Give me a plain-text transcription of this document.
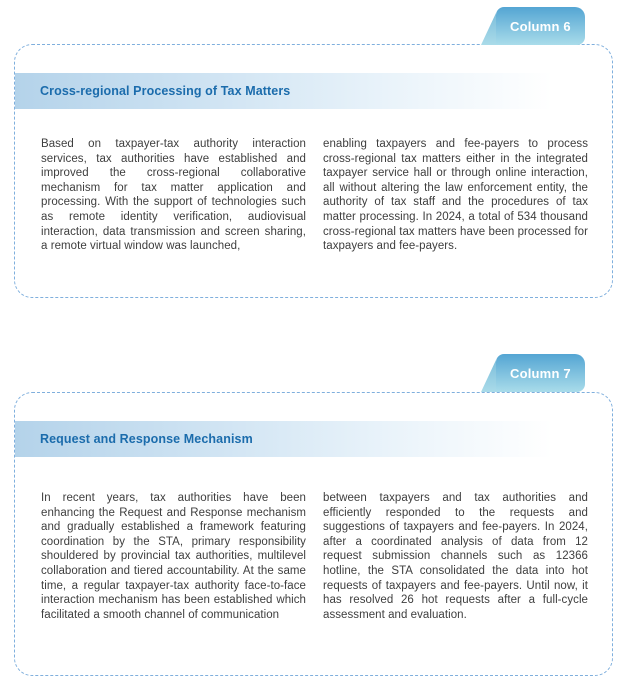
Column 6
Cross-regional Processing of Tax Matters

Based on taxpayer-tax authority interaction services, tax authorities have established and improved the cross-regional collaborative mechanism for tax matter application and processing. With the support of technologies such as remote identity verification, audiovisual interaction, data transmission and screen sharing, a remote virtual window was launched,

enabling taxpayers and fee-payers to process cross-regional tax matters either in the integrated taxpayer service hall or through online interaction, all without altering the law enforcement entity, the authority of tax staff and the procedures of tax matter processing. In 2024, a total of 534 thousand cross-regional tax matters have been processed for taxpayers and fee-payers.

Column 7
Request and Response Mechanism

In recent years, tax authorities have been enhancing the Request and Response mechanism and gradually established a framework featuring coordination by the STA, primary responsibility shouldered by provincial tax authorities, multilevel collaboration and tiered accountability. At the same time, a regular taxpayer-tax authority face-to-face interaction mechanism has been established which facilitated a smooth channel of communication

between taxpayers and tax authorities and efficiently responded to the requests and suggestions of taxpayers and fee-payers. In 2024, after a coordinated analysis of data from 12 request submission channels such as 12366 hotline, the STA consolidated the data into hot requests of taxpayers and fee-payers. Until now, it has resolved 26 hot requests after a full-cycle assessment and evaluation.
